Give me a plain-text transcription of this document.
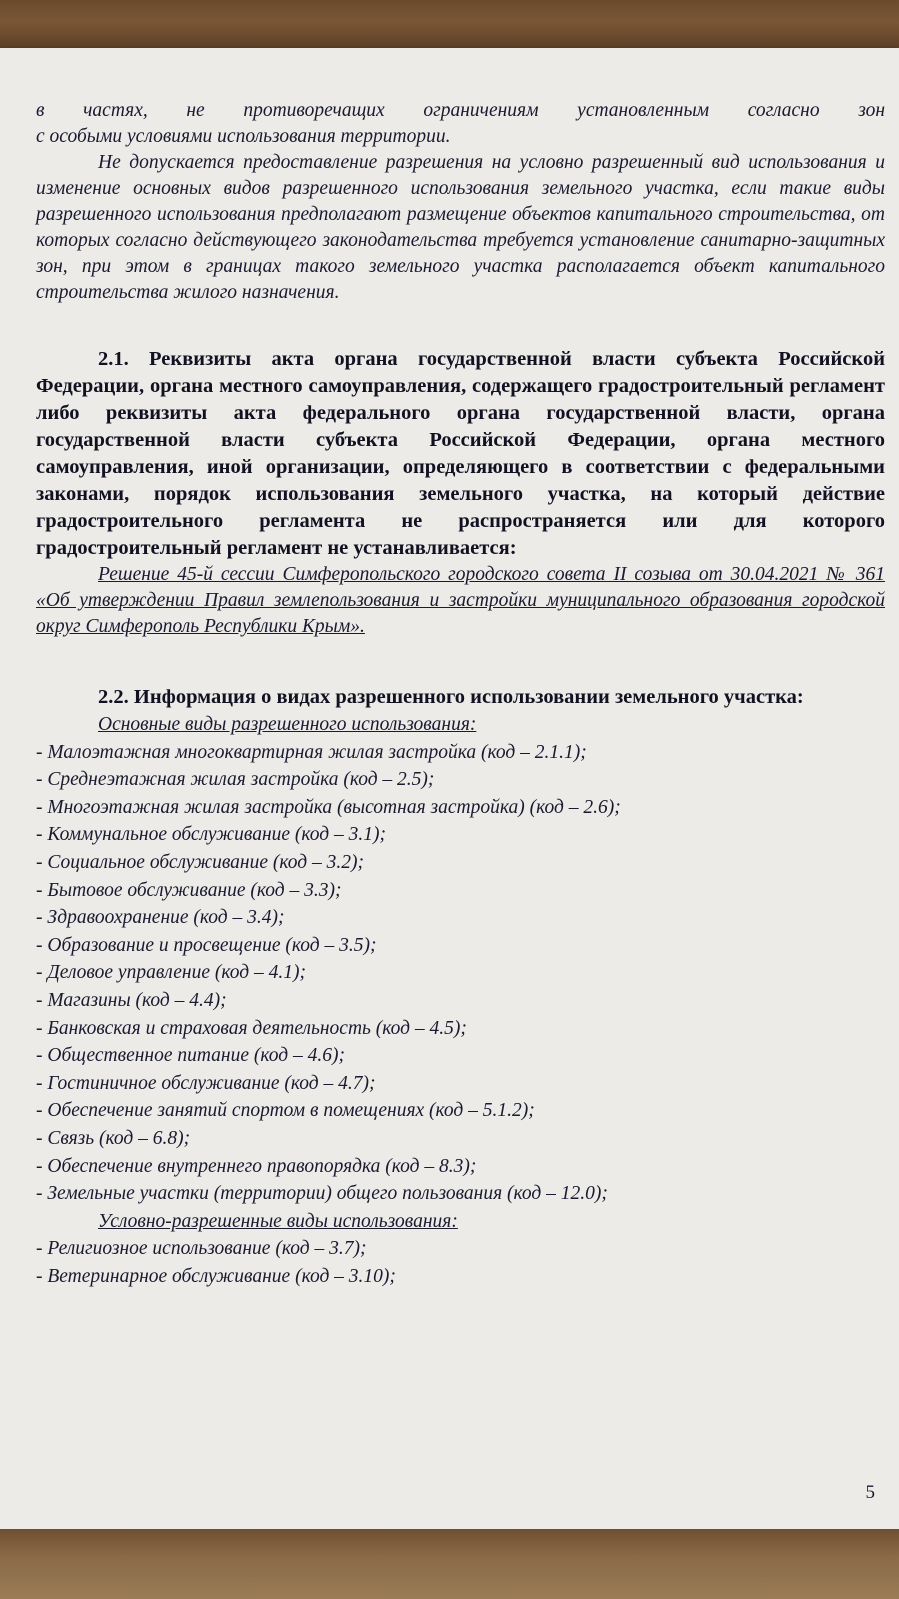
в частях, не противоречащих ограничениям установленным согласно зон

с особыми условиями использования территории.

Не допускается предоставление разрешения на условно разрешенный вид использования и изменение основных видов разрешенного использования земельного участка, если такие виды разрешенного использования предполагают размещение объектов капитального строительства, от которых согласно действующего законодательства требуется установление санитарно-защитных зон, при этом в границах такого земельного участка располагается объект капитального строительства жилого назначения.

2.1. Реквизиты акта органа государственной власти субъекта Российской Федерации, органа местного самоуправления, содержащего градостроительный регламент либо реквизиты акта федерального органа государственной власти, органа государственной власти субъекта Российской Федерации, органа местного самоуправления, иной организации, определяющего в соответствии с федеральными законами, порядок использования земельного участка, на который действие градостроительного регламента не распространяется или для которого градостроительный регламент не устанавливается:

Решение 45-й сессии Симферопольского городского совета II созыва от 30.04.2021 № 361 «Об утверждении Правил землепользования и застройки муниципального образования городской округ Симферополь Республики Крым».

2.2. Информация о видах разрешенного использовании земельного участка:

Основные виды разрешенного использования:

- Малоэтажная многоквартирная жилая застройка (код – 2.1.1);
- Среднеэтажная жилая застройка (код – 2.5);
- Многоэтажная жилая застройка (высотная застройка) (код – 2.6);
- Коммунальное обслуживание (код – 3.1);
- Социальное обслуживание (код – 3.2);
- Бытовое обслуживание (код – 3.3);
- Здравоохранение (код – 3.4);
- Образование и просвещение (код – 3.5);
- Деловое управление (код – 4.1);
- Магазины (код – 4.4);
- Банковская и страховая деятельность (код – 4.5);
- Общественное питание (код – 4.6);
- Гостиничное обслуживание (код – 4.7);
- Обеспечение занятий спортом в помещениях (код – 5.1.2);
- Связь (код – 6.8);
- Обеспечение внутреннего правопорядка (код – 8.3);
- Земельные участки (территории) общего пользования (код – 12.0);

Условно-разрешенные виды использования:

- Религиозное использование (код – 3.7);
- Ветеринарное обслуживание (код – 3.10);
5
